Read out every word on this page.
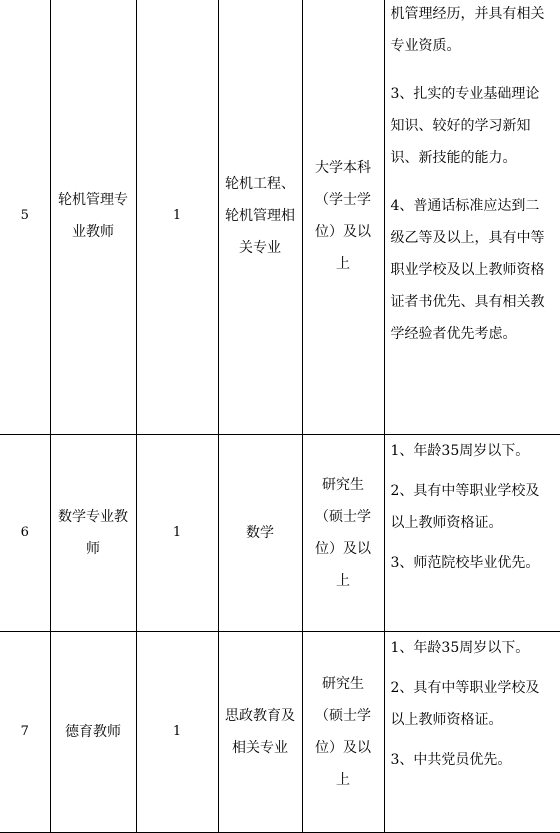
5	轮机管理专业教师	1	轮机工程、轮机管理相关专业	大学本科（学士学位）及以上	机管理经历，并具有相关专业资质。
3、扎实的专业基础理论知识、较好的学习新知识、新技能的能力。
4、普通话标准应达到二级乙等及以上，具有中等职业学校及以上教师资格证者书优先、具有相关教学经验者优先考虑。

6	数学专业教师	1	数学	研究生（硕士学位）及以上	1、年龄35周岁以下。
2、具有中等职业学校及以上教师资格证。
3、师范院校毕业优先。

7	德育教师	1	思政教育及相关专业	研究生（硕士学位）及以上	1、年龄35周岁以下。
2、具有中等职业学校及以上教师资格证。
3、中共党员优先。
